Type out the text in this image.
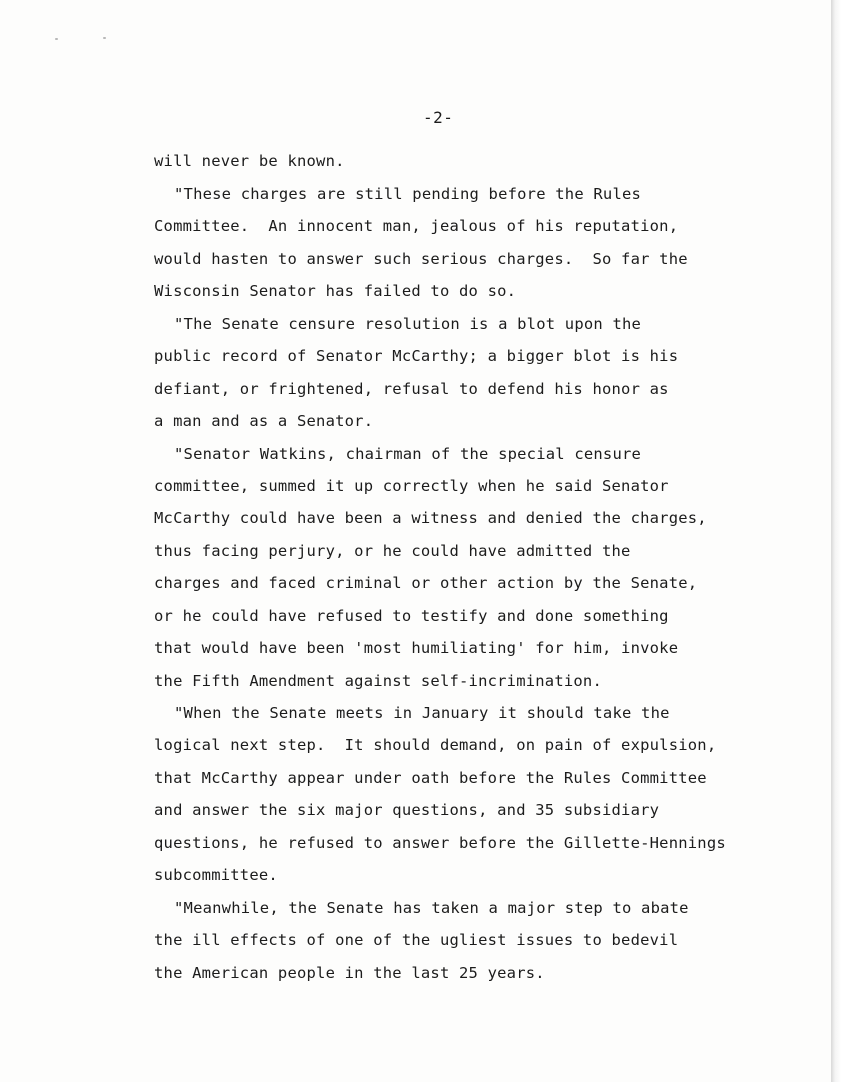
-2-
will never be known.
"These charges are still pending before the Rules
Committee.  An innocent man, jealous of his reputation,
would hasten to answer such serious charges.  So far the
Wisconsin Senator has failed to do so.
"The Senate censure resolution is a blot upon the
public record of Senator McCarthy; a bigger blot is his
defiant, or frightened, refusal to defend his honor as
a man and as a Senator.
"Senator Watkins, chairman of the special censure
committee, summed it up correctly when he said Senator
McCarthy could have been a witness and denied the charges,
thus facing perjury, or he could have admitted the
charges and faced criminal or other action by the Senate,
or he could have refused to testify and done something
that would have been 'most humiliating' for him, invoke
the Fifth Amendment against self-incrimination.
"When the Senate meets in January it should take the
logical next step.  It should demand, on pain of expulsion,
that McCarthy appear under oath before the Rules Committee
and answer the six major questions, and 35 subsidiary
questions, he refused to answer before the Gillette-Hennings
subcommittee.
"Meanwhile, the Senate has taken a major step to abate
the ill effects of one of the ugliest issues to bedevil
the American people in the last 25 years.
